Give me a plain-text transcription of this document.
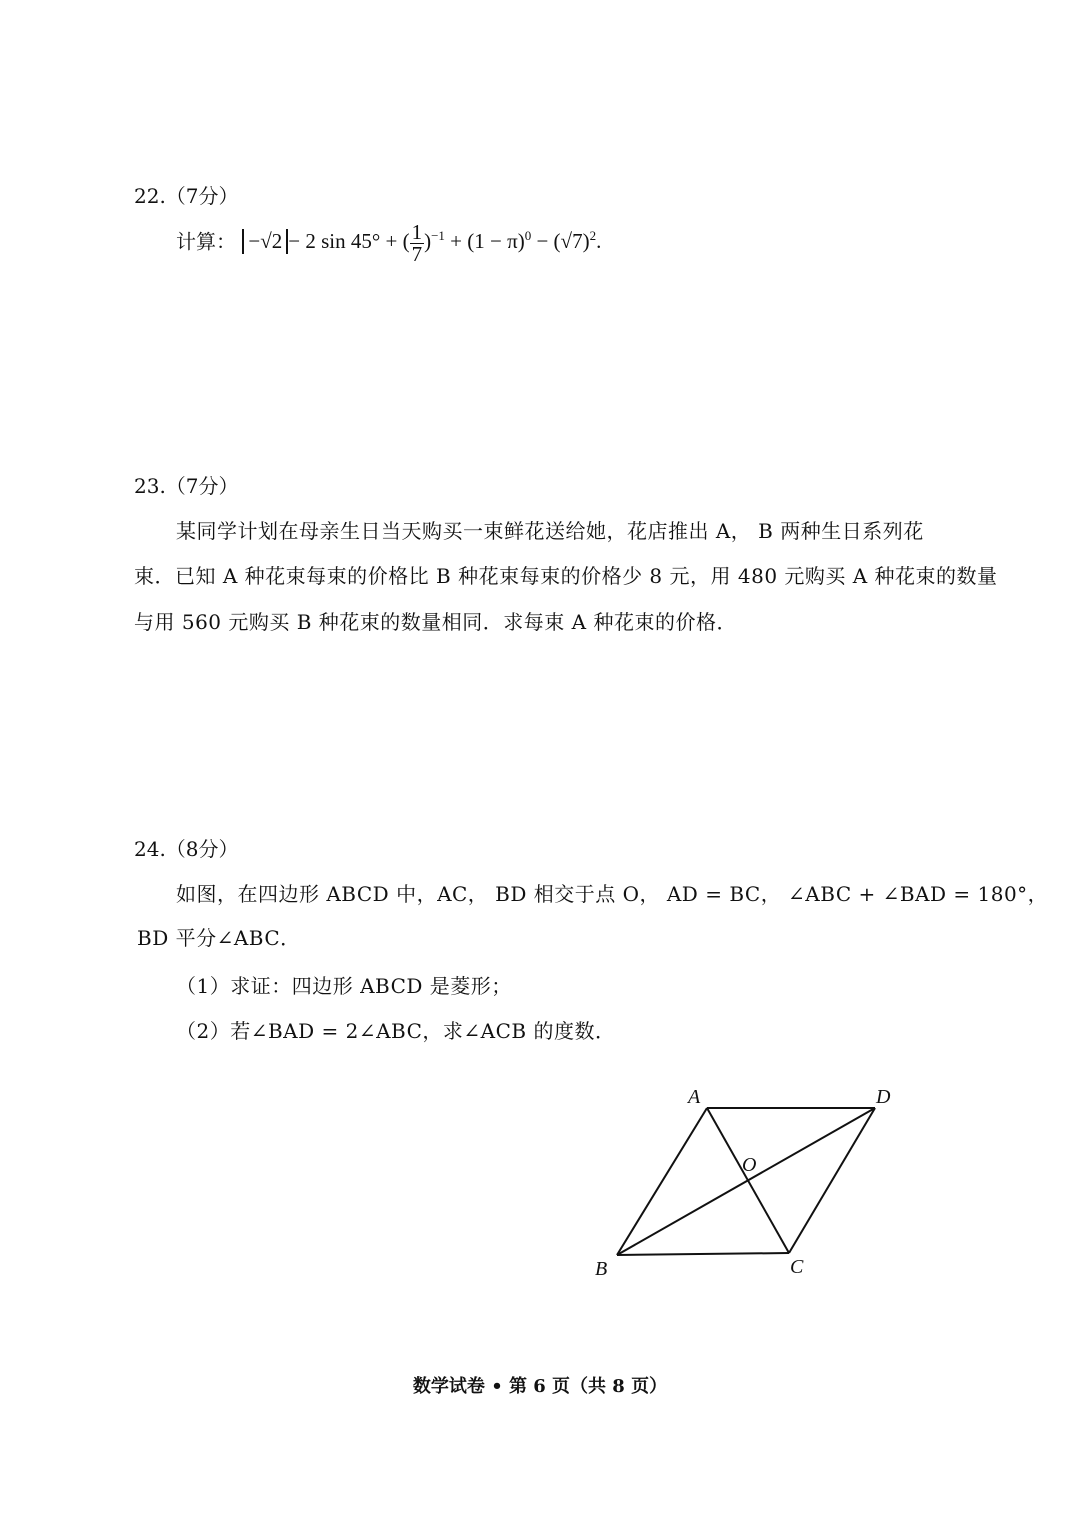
22.（7分）
计算： −√2 − 2 sin 45° + ( $\frac{1}{7} )^{-1} + (1 - \pi)^0 - (√7)^2$.
23.（7分）
某同学计划在母亲生日当天购买一束鲜花送给她，花店推出 A， B 两种生日系列花
束．已知 A 种花束每束的价格比 B 种花束每束的价格少 8 元，用 480 元购买 A 种花束的数量
与用 560 元购买 B 种花束的数量相同．求每束 A 种花束的价格．
24.（8分）
如图，在四边形 ABCD 中，AC， BD 相交于点 O， AD = BC， ∠ABC + ∠BAD = 180°，
BD 平分∠ABC．
（1）求证：四边形 ABCD 是菱形；
（2）若∠BAD = 2∠ABC，求∠ACB 的度数．
A	D
O
B	C
数学试卷 • 第 6 页（共 8 页）
